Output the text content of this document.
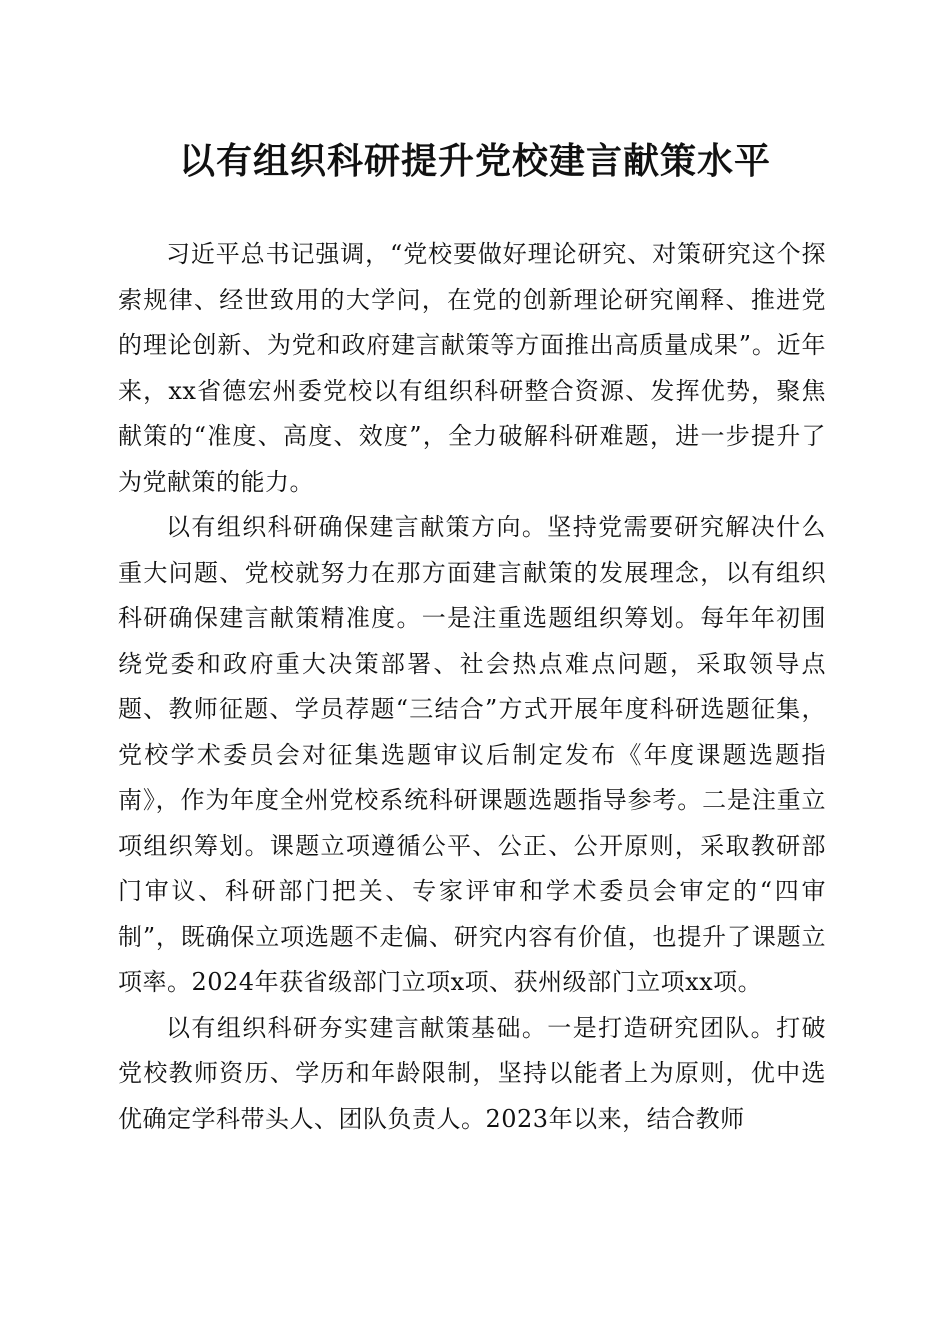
以有组织科研提升党校建言献策水平

习近平总书记强调，“党校要做好理论研究、对策研究这个探索规律、经世致用的大学问，在党的创新理论研究阐释、推进党的理论创新、为党和政府建言献策等方面推出高质量成果”。近年来，xx省德宏州委党校以有组织科研整合资源、发挥优势，聚焦献策的“准度、高度、效度”，全力破解科研难题，进一步提升了为党献策的能力。

以有组织科研确保建言献策方向。坚持党需要研究解决什么重大问题、党校就努力在那方面建言献策的发展理念，以有组织科研确保建言献策精准度。一是注重选题组织筹划。每年年初围绕党委和政府重大决策部署、社会热点难点问题，采取领导点题、教师征题、学员荐题“三结合”方式开展年度科研选题征集，党校学术委员会对征集选题审议后制定发布《年度课题选题指南》，作为年度全州党校系统科研课题选题指导参考。二是注重立项组织筹划。课题立项遵循公平、公正、公开原则，采取教研部门审议、科研部门把关、专家评审和学术委员会审定的“四审制”，既确保立项选题不走偏、研究内容有价值，也提升了课题立项率。2024年获省级部门立项x项、获州级部门立项xx项。

以有组织科研夯实建言献策基础。一是打造研究团队。打破党校教师资历、学历和年龄限制，坚持以能者上为原则，优中选优确定学科带头人、团队负责人。2023年以来，结合教师
